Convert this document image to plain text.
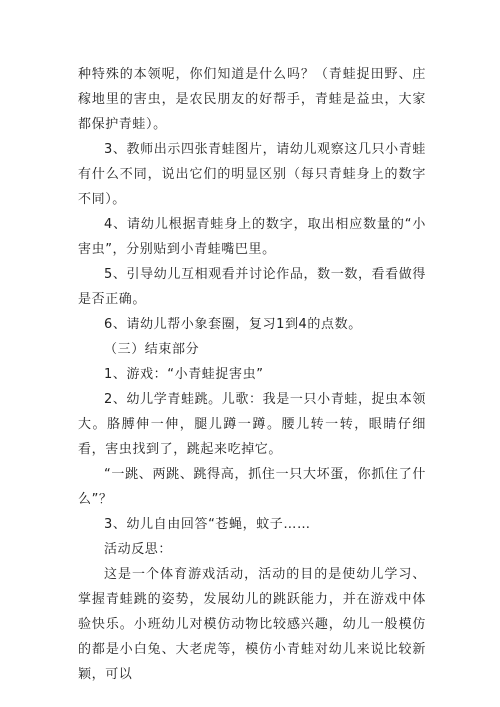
种特殊的本领呢，你们知道是什么吗？（青蛙捉田野、庄稼地里的害虫，是农民朋友的好帮手，青蛙是益虫，大家都保护青蛙）。

3、教师出示四张青蛙图片，请幼儿观察这几只小青蛙有什么不同，说出它们的明显区别（每只青蛙身上的数字不同）。

4、请幼儿根据青蛙身上的数字，取出相应数量的“小害虫”，分别贴到小青蛙嘴巴里。

5、引导幼儿互相观看并讨论作品，数一数，看看做得是否正确。

6、请幼儿帮小象套圈，复习1到4的点数。

（三）结束部分

1、游戏：“小青蛙捉害虫”

2、幼儿学青蛙跳。儿歌：我是一只小青蛙，捉虫本领大。胳膊伸一伸，腿儿蹲一蹲。腰儿转一转，眼睛仔细看，害虫找到了，跳起来吃掉它。

“一跳、两跳、跳得高，抓住一只大坏蛋，你抓住了什么”？

3、幼儿自由回答“苍蝇，蚊子……

活动反思：

这是一个体育游戏活动，活动的目的是使幼儿学习、掌握青蛙跳的姿势，发展幼儿的跳跃能力，并在游戏中体验快乐。小班幼儿对模仿动物比较感兴趣，幼儿一般模仿的都是小白兔、大老虎等，模仿小青蛙对幼儿来说比较新颖，可以
